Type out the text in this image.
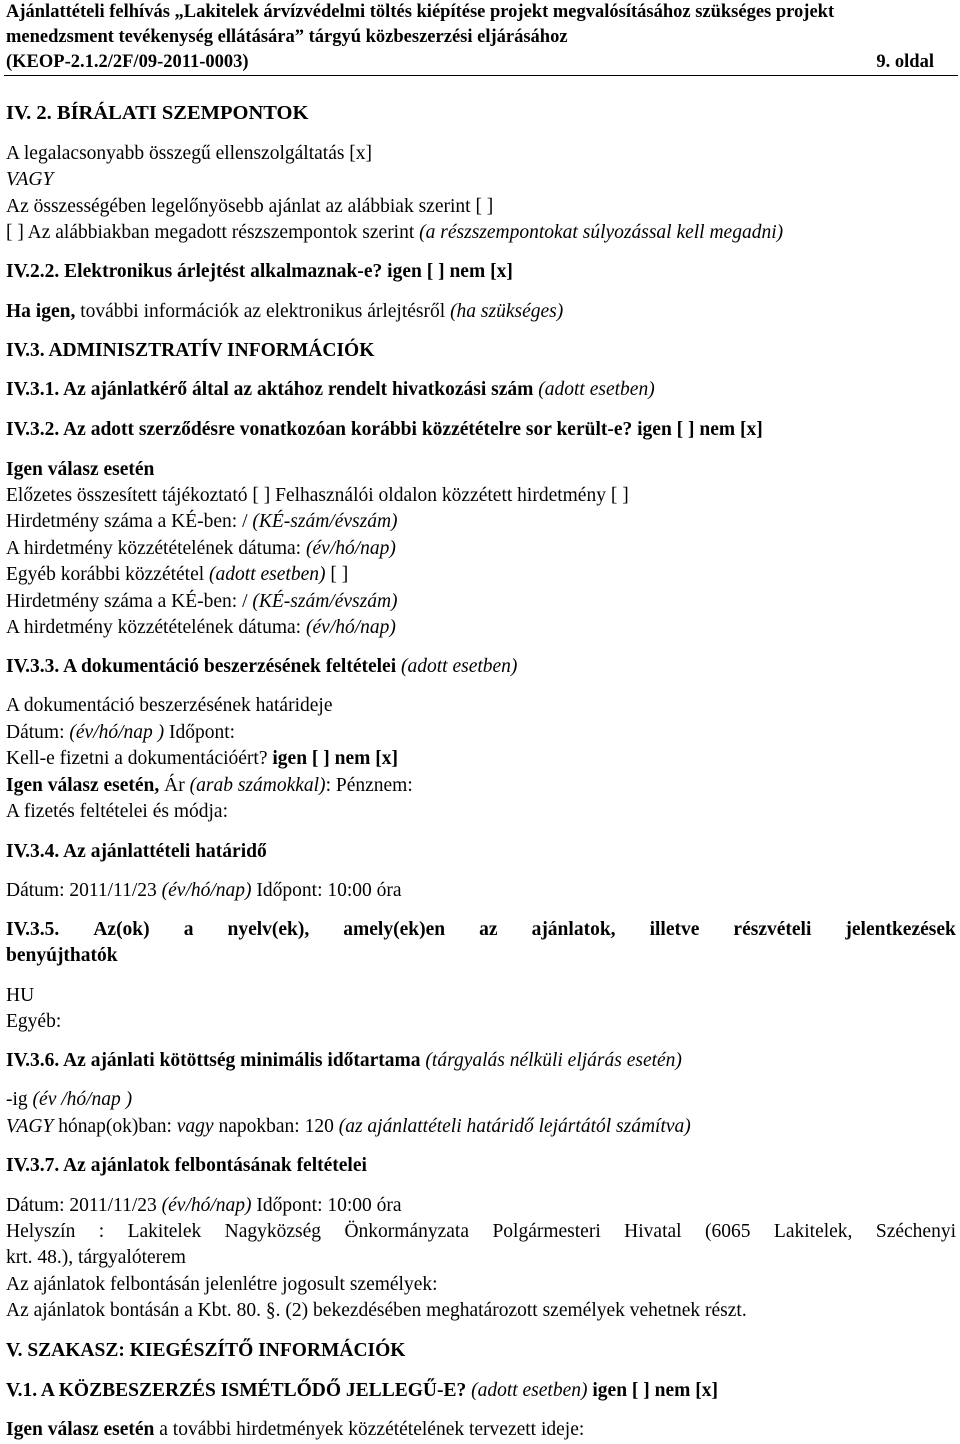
Ajánlattételi felhívás „Lakitelek árvízvédelmi töltés kiépítése projekt megvalósításához szükséges projekt
menedzsment tevékenység ellátására” tárgyú közbeszerzési eljárásához
(KEOP-2.1.2/2F/09-2011-0003)	9. oldal
IV. 2. BÍRÁLATI SZEMPONTOK
A legalacsonyabb összegű ellenszolgáltatás [x]
VAGY
Az összességében legelőnyösebb ajánlat az alábbiak szerint [ ]
[ ] Az alábbiakban megadott részszempontok szerint (a részszempontokat súlyozással kell megadni)
IV.2.2. Elektronikus árlejtést alkalmaznak-e? igen [ ] nem [x]
Ha igen, további információk az elektronikus árlejtésről (ha szükséges)
IV.3. ADMINISZTRATÍV INFORMÁCIÓK
IV.3.1. Az ajánlatkérő által az aktához rendelt hivatkozási szám (adott esetben)
IV.3.2. Az adott szerződésre vonatkozóan korábbi közzétételre sor került-e? igen [ ] nem [x]
Igen válasz esetén
Előzetes összesített tájékoztató [ ] Felhasználói oldalon közzétett hirdetmény [ ]
Hirdetmény száma a KÉ-ben: / (KÉ-szám/évszám)
A hirdetmény közzétételének dátuma: (év/hó/nap)
Egyéb korábbi közzététel (adott esetben) [ ]
Hirdetmény száma a KÉ-ben: / (KÉ-szám/évszám)
A hirdetmény közzétételének dátuma: (év/hó/nap)
IV.3.3. A dokumentáció beszerzésének feltételei (adott esetben)
A dokumentáció beszerzésének határideje
Dátum: (év/hó/nap ) Időpont:
Kell-e fizetni a dokumentációért? igen [ ] nem [x]
Igen válasz esetén, Ár (arab számokkal): Pénznem:
A fizetés feltételei és módja:
IV.3.4. Az ajánlattételi határidő
Dátum: 2011/11/23 (év/hó/nap) Időpont: 10:00 óra
IV.3.5. Az(ok) a nyelv(ek), amely(ek)en az ajánlatok, illetve részvételi jelentkezések
benyújthatók
HU
Egyéb:
IV.3.6. Az ajánlati kötöttség minimális időtartama (tárgyalás nélküli eljárás esetén)
-ig (év /hó/nap )
VAGY hónap(ok)ban: vagy napokban: 120 (az ajánlattételi határidő lejártától számítva)
IV.3.7. Az ajánlatok felbontásának feltételei
Dátum: 2011/11/23 (év/hó/nap) Időpont: 10:00 óra
Helyszín : Lakitelek Nagyközség Önkormányzata Polgármesteri Hivatal (6065 Lakitelek, Széchenyi
krt. 48.), tárgyalóterem
Az ajánlatok felbontásán jelenlétre jogosult személyek:
Az ajánlatok bontásán a Kbt. 80. §. (2) bekezdésében meghatározott személyek vehetnek részt.
V. SZAKASZ: KIEGÉSZÍTŐ INFORMÁCIÓK
V.1. A KÖZBESZERZÉS ISMÉTLŐDŐ JELLEGŰ-E? (adott esetben) igen [ ] nem [x]
Igen válasz esetén a további hirdetmények közzétételének tervezett ideje:
